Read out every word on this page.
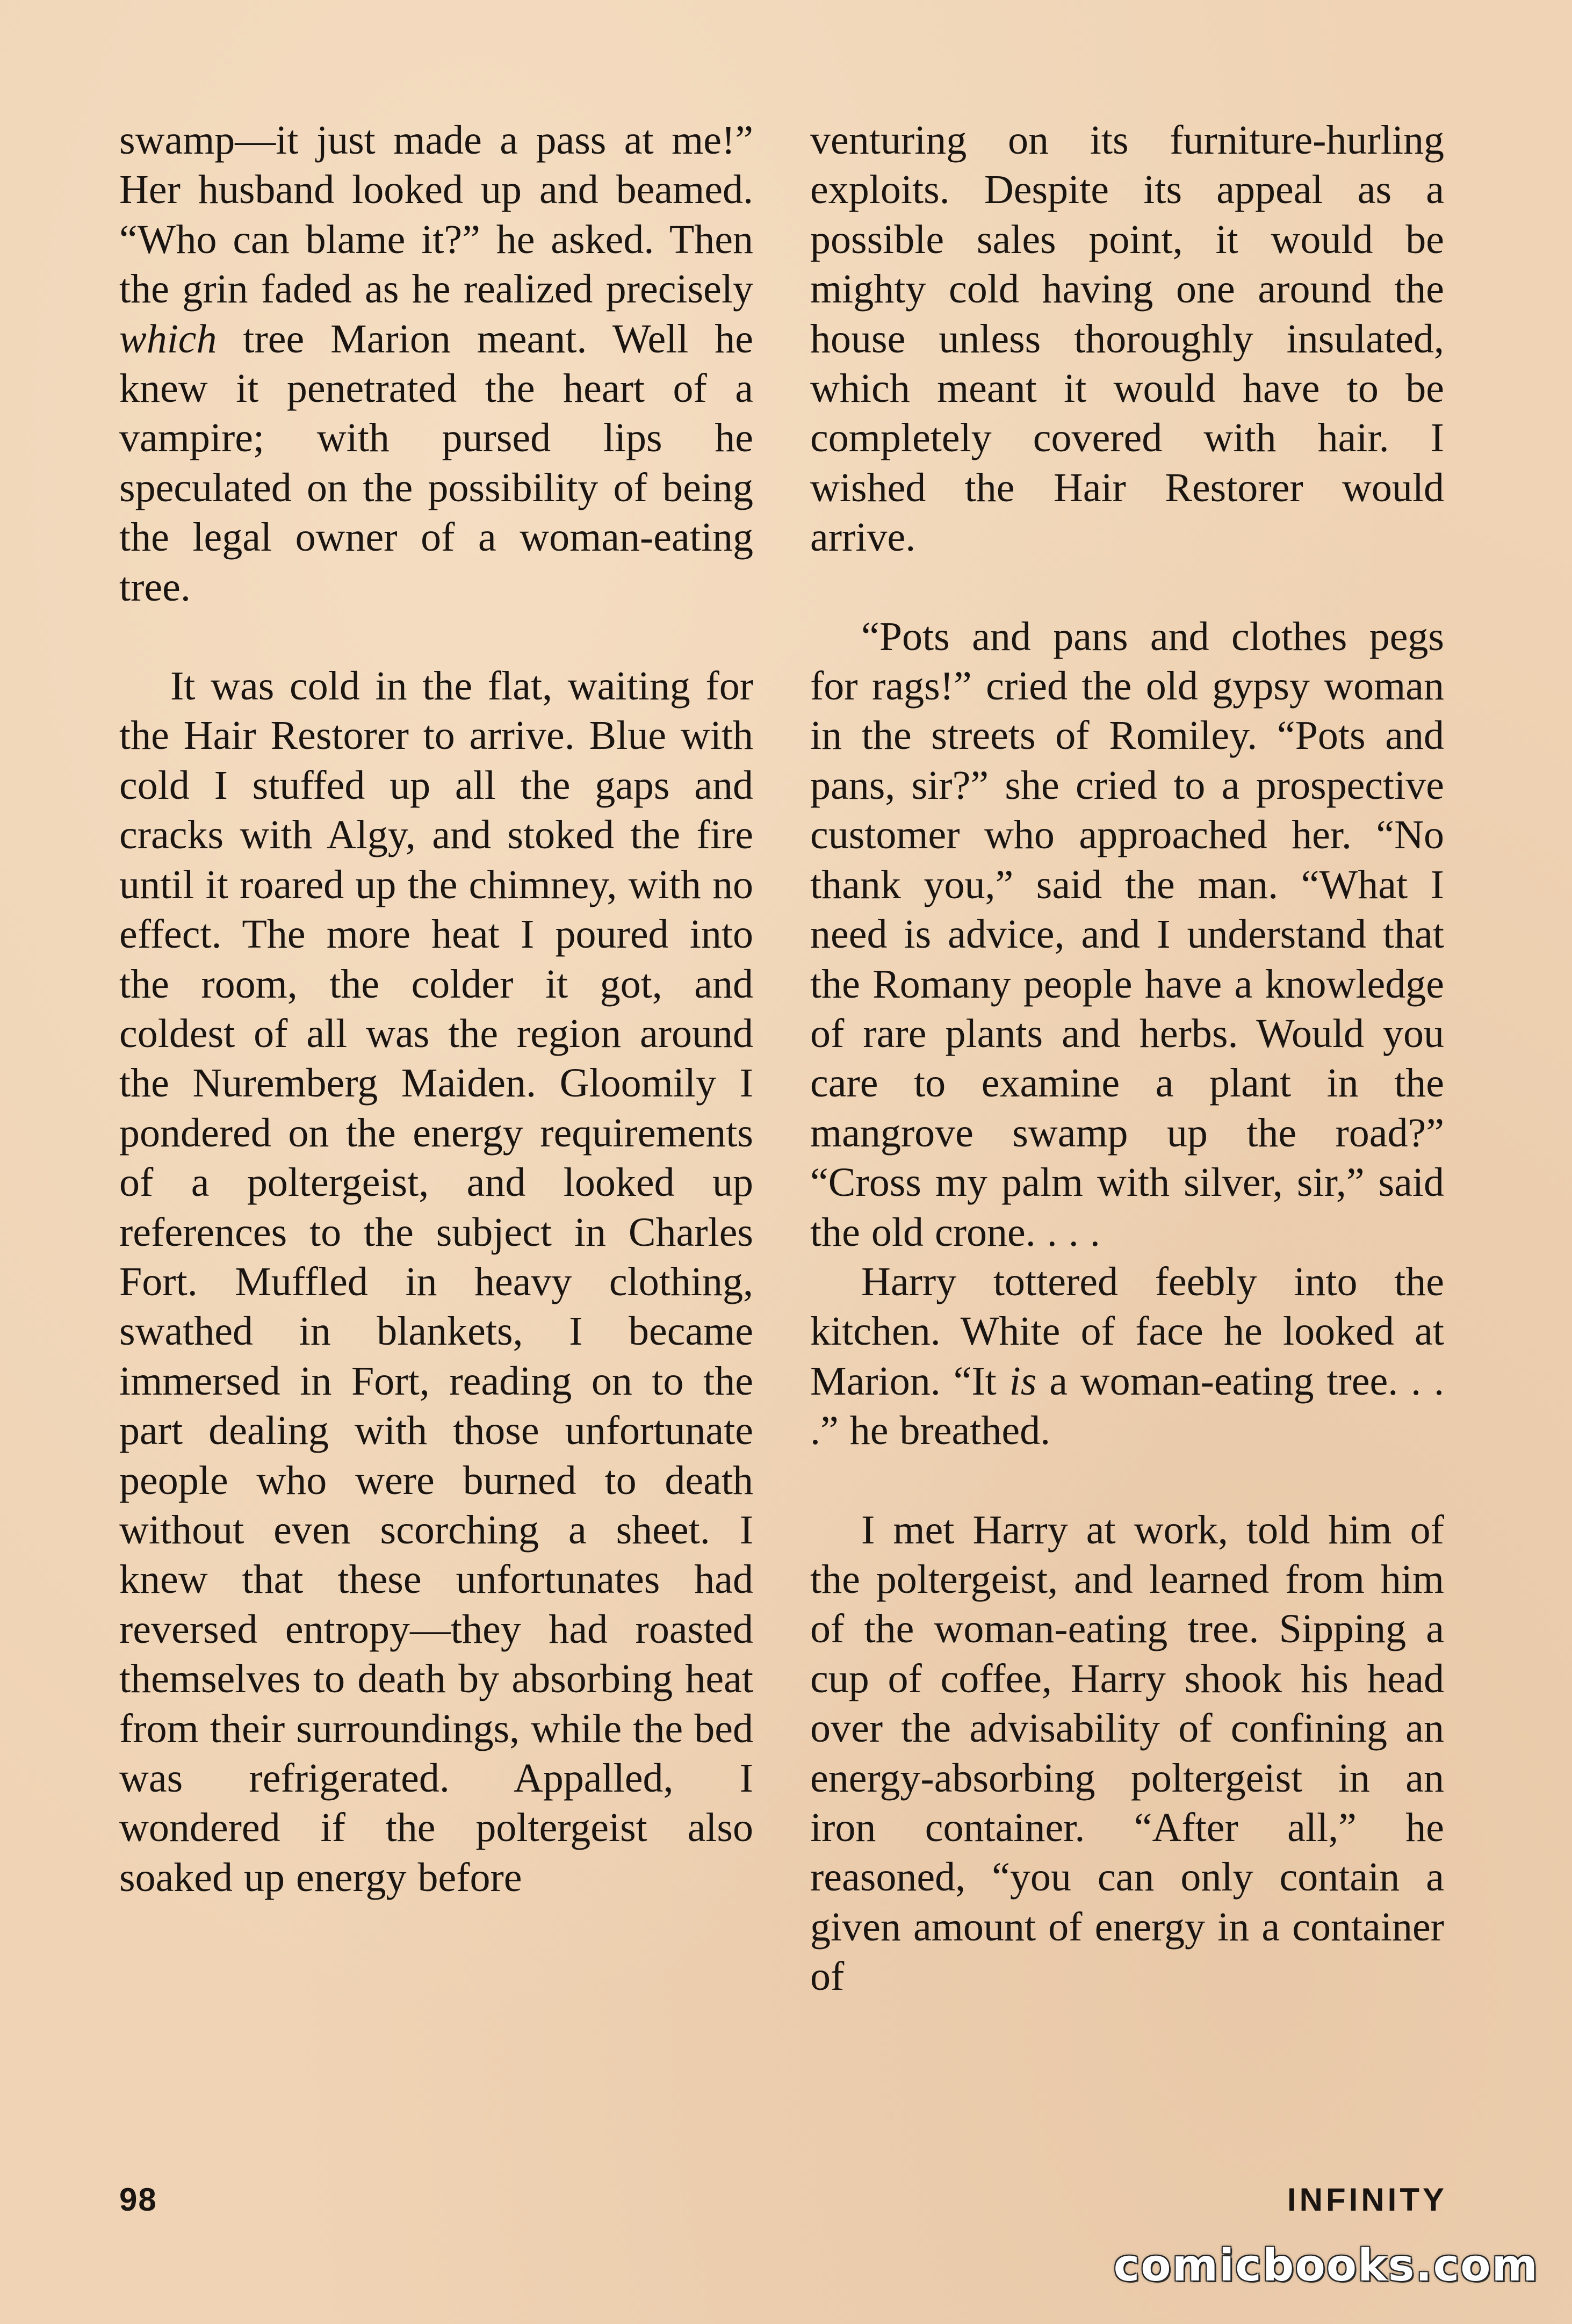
swamp—it just made a pass at me!” Her husband looked up and beamed. “Who can blame it?” he asked. Then the grin faded as he realized precisely which tree Marion meant. Well he knew it penetrated the heart of a vampire; with pursed lips he speculated on the possibility of being the legal owner of a woman-eating tree.

It was cold in the flat, waiting for the Hair Restorer to arrive. Blue with cold I stuffed up all the gaps and cracks with Algy, and stoked the fire until it roared up the chimney, with no effect. The more heat I poured into the room, the colder it got, and coldest of all was the region around the Nuremberg Maiden. Gloomily I pondered on the energy requirements of a poltergeist, and looked up references to the subject in Charles Fort. Muffled in heavy clothing, swathed in blankets, I became immersed in Fort, reading on to the part dealing with those unfortunate people who were burned to death without even scorching a sheet. I knew that these unfortunates had reversed entropy—they had roasted themselves to death by absorbing heat from their surroundings, while the bed was refrigerated. Appalled, I wondered if the poltergeist also soaked up energy before

venturing on its furniture-hurling exploits. Despite its appeal as a possible sales point, it would be mighty cold having one around the house unless thoroughly insulated, which meant it would have to be completely covered with hair. I wished the Hair Restorer would arrive.

“Pots and pans and clothes pegs for rags!” cried the old gypsy woman in the streets of Romiley. “Pots and pans, sir?” she cried to a prospective customer who approached her. “No thank you,” said the man. “What I need is advice, and I understand that the Romany people have a knowledge of rare plants and herbs. Would you care to examine a plant in the mangrove swamp up the road?” “Cross my palm with silver, sir,” said the old crone. . . .

Harry tottered feebly into the kitchen. White of face he looked at Marion. “It is a woman-eating tree. . . .” he breathed.

I met Harry at work, told him of the poltergeist, and learned from him of the woman-eating tree. Sipping a cup of coffee, Harry shook his head over the advisability of confining an energy-absorbing poltergeist in an iron container. “After all,” he reasoned, “you can only contain a given amount of energy in a container of

98	INFINITY
comicbooks.com
